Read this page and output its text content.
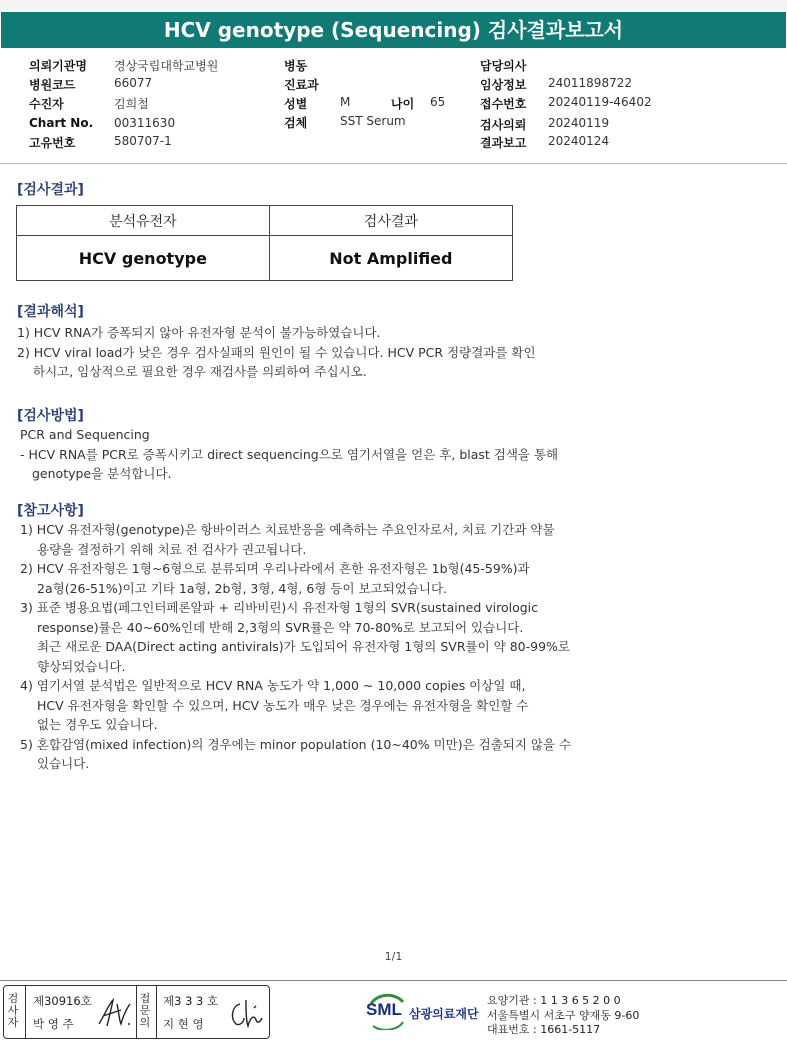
HCV genotype (Sequencing) 검사결과보고서
의뢰기관명 경상국립대학교병원
병원코드	66077
수진자	김희철
Chart No. 00311630
고유번호	580707-1
병동
진료과
성별	M	나이 65
검체	SST Serum
담당의사
임상정보 24011898722
접수번호 20240119-46402
검사의뢰 20240119
결과보고 20240124
[검사결과]
분석유전자	검사결과
HCV genotype	Not Amplified
[결과해석]
1) HCV RNA가 증폭되지 않아 유전자형 분석이 불가능하였습니다.
2) HCV viral load가 낮은 경우 검사실패의 원인이 될 수 있습니다. HCV PCR 정량결과를 확인
하시고, 임상적으로 필요한 경우 재검사를 의뢰하여 주십시오.
[검사방법]
PCR and Sequencing
- HCV RNA를 PCR로 증폭시키고 direct sequencing으로 염기서열을 얻은 후, blast 검색을 통해
genotype을 분석합니다.
[참고사항]
1) HCV 유전자형(genotype)은 항바이러스 치료반응을 예측하는 주요인자로서, 치료 기간과 약물
용량을 결정하기 위해 치료 전 검사가 권고됩니다.
2) HCV 유전자형은 1형~6형으로 분류되며 우리나라에서 흔한 유전자형은 1b형(45-59%)과
2a형(26-51%)이고 기타 1a형, 2b형, 3형, 4형, 6형 등이 보고되었습니다.
3) 표준 병용요법(페그인터페론알파 + 리바비린)시 유전자형 1형의 SVR(sustained virologic
response)률은 40~60%인데 반해 2,3형의 SVR률은 약 70-80%로 보고되어 있습니다.
최근 새로운 DAA(Direct acting antivirals)가 도입되어 유전자형 1형의 SVR률이 약 80-99%로
향상되었습니다.
4) 염기서열 분석법은 일반적으로 HCV RNA 농도가 약 1,000 ~ 10,000 copies 이상일 때,
HCV 유전자형을 확인할 수 있으며, HCV 농도가 매우 낮은 경우에는 유전자형을 확인할 수
없는 경우도 있습니다.
5) 혼합감염(mixed infection)의 경우에는 minor population (10~40% 미만)은 검출되지 않을 수
있습니다.
1/1
검
사
자
제30916호
박 영 주
접
문
의
제3 3 3 호
지 현 영
SML 삼광의료재단
요양기관 : 1 1 3 6 5 2 0 0
서울특별시 서초구 양재동 9-60
대표번호 : 1661-5117
